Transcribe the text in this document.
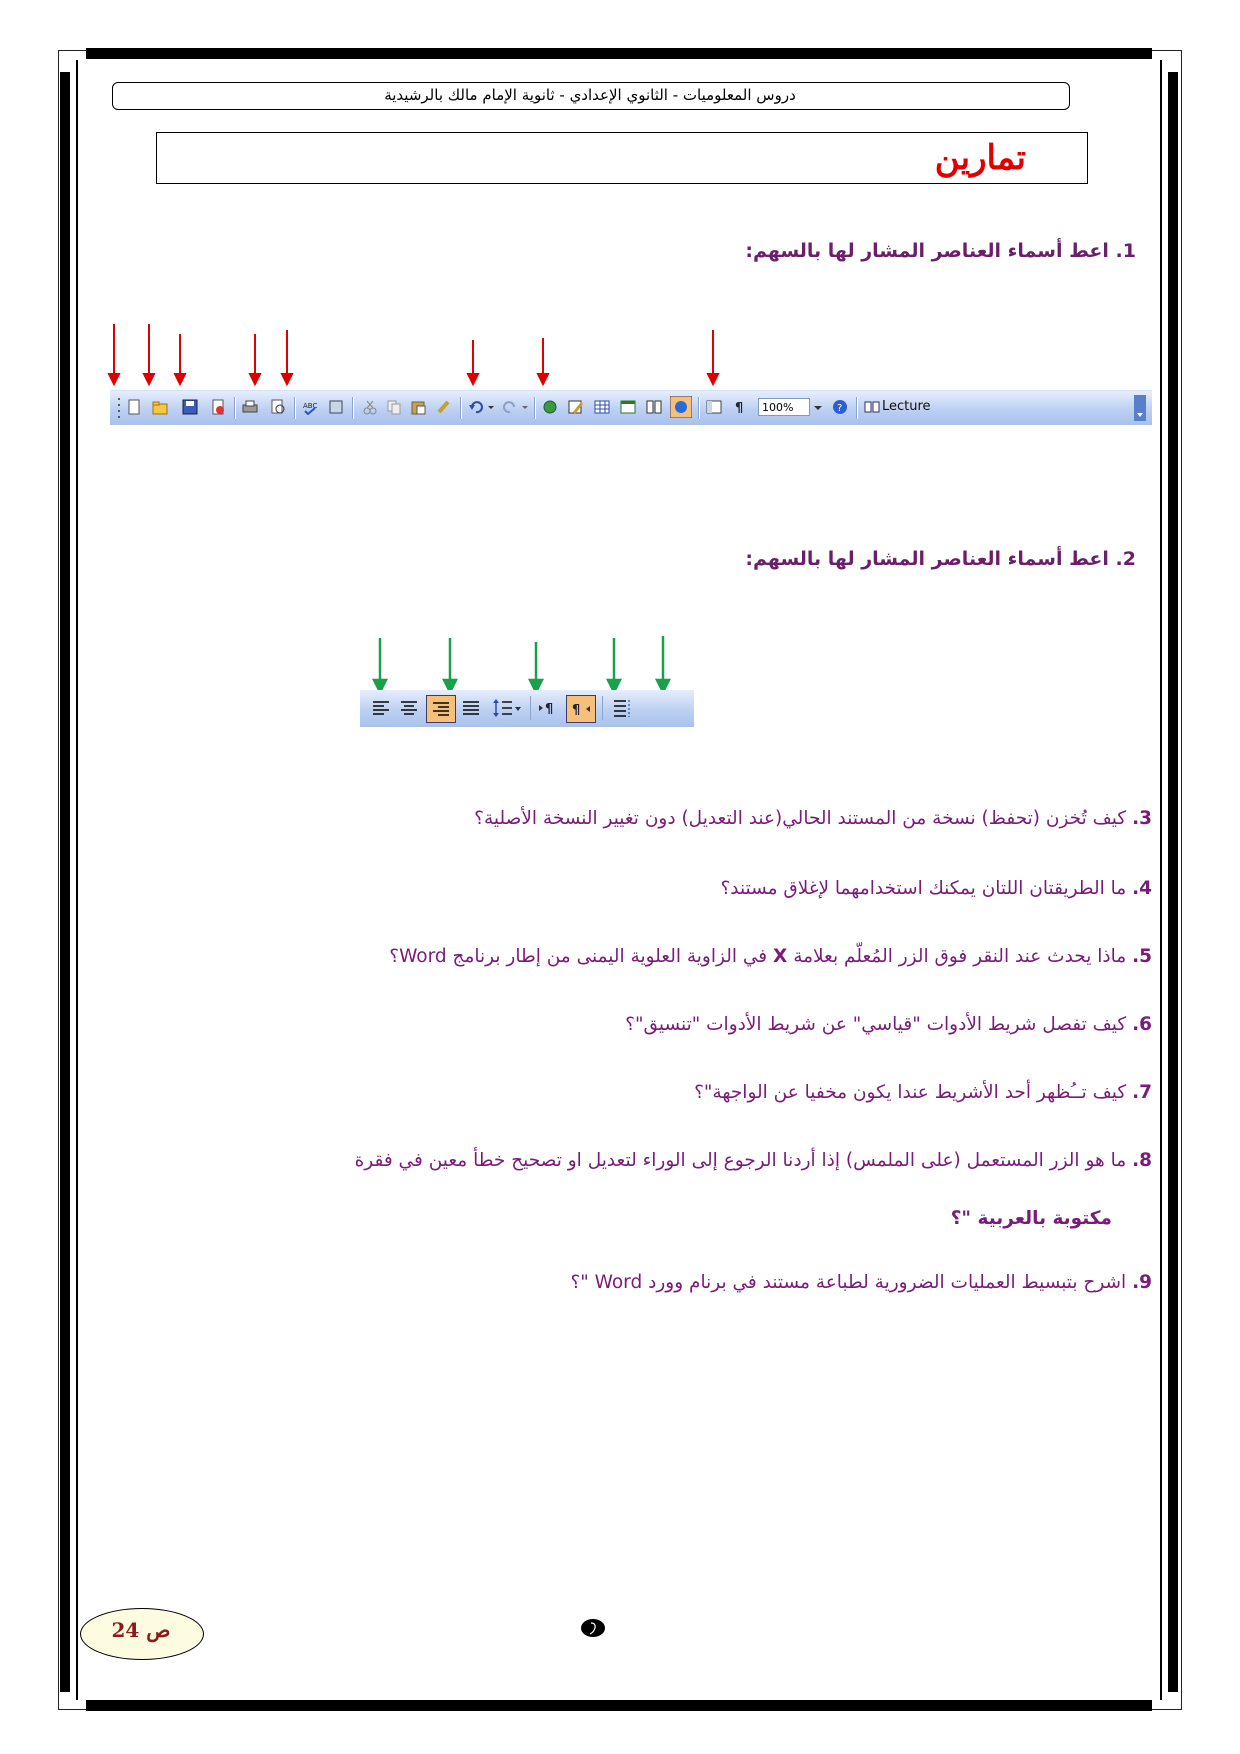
دروس المعلوميات - الثانوي الإعدادي - ثانوية الإمام مالك بالرشيدية
تمارين
1. اعط أسماء العناصر المشار لها بالسهم:
ABC	¶	100%	?	Lecture
2. اعط أسماء العناصر المشار لها بالسهم:
¶ ¶
3. كيف تُخزن (تحفظ) نسخة من المستند الحالي(عند التعديل) دون تغيير النسخة الأصلية؟
4. ما الطريقتان اللتان يمكنك استخدامهما لإغلاق مستند؟
5. ماذا يحدث عند النقر فوق الزر المُعلّم بعلامة X في الزاوية العلوية اليمنى من إطار برنامج Word؟
6. كيف تفصل شريط الأدوات "قياسي" عن شريط الأدوات "تنسيق"؟
7. كيف تــُظهر أحد الأشريط عندا يكون مخفيا عن الواجهة"؟
8. ما هو الزر المستعمل (على الملمس) إذا أردنا الرجوع إلى الوراء لتعديل او تصحيح خطأ معين في فقرة
مكتوبة بالعربية "؟
9. اشرح بتبسيط العمليات الضرورية لطباعة مستند في برنام وورد Word "؟
ص 24
